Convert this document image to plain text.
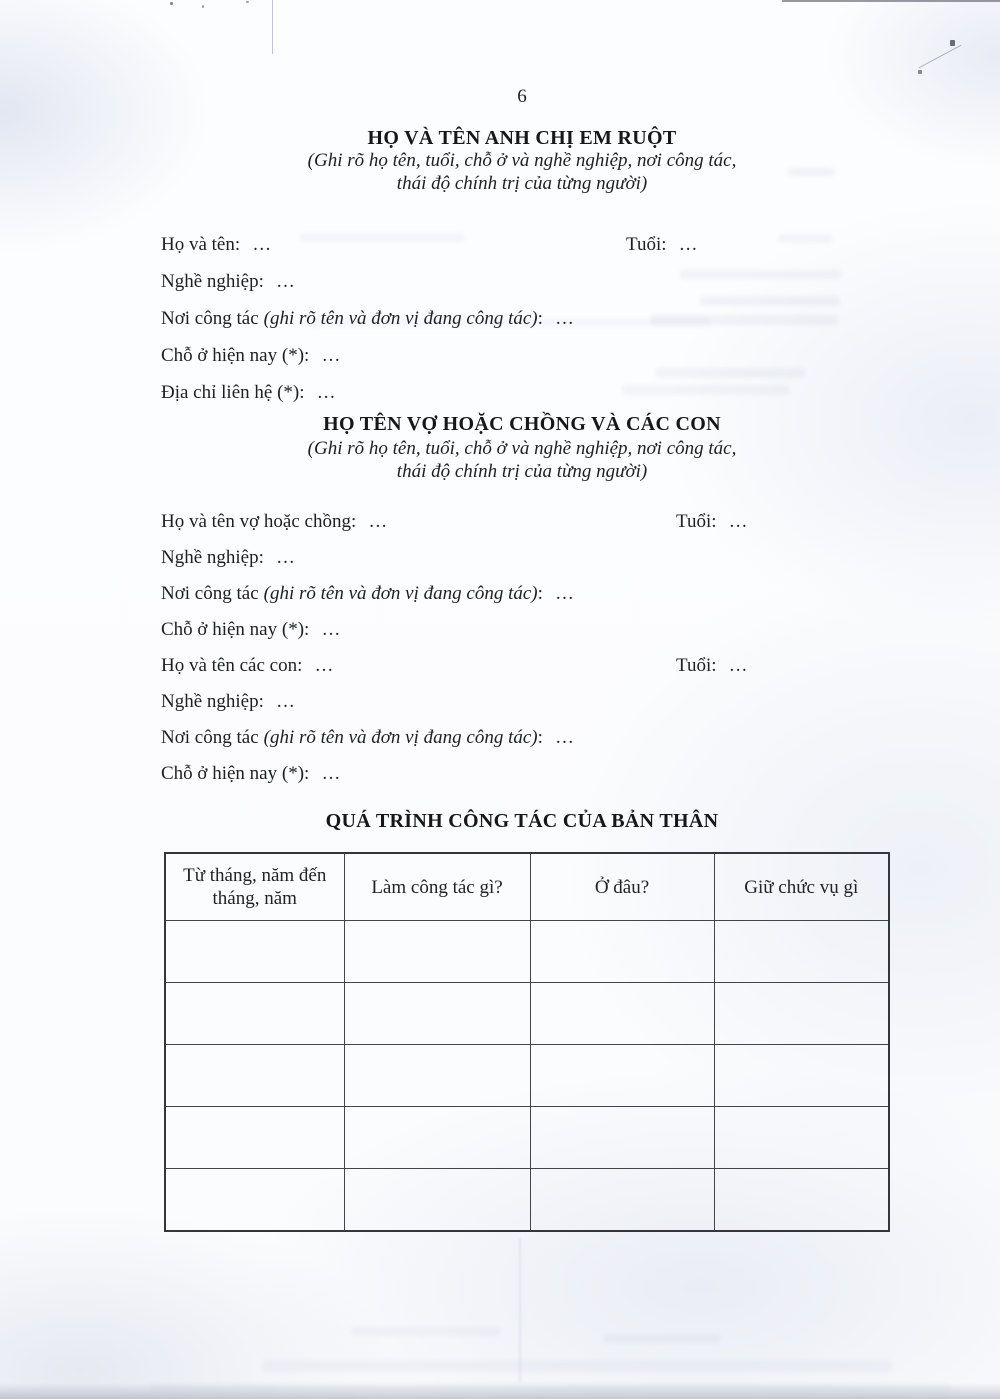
6
HỌ VÀ TÊN ANH CHỊ EM RUỘT
(Ghi rõ họ tên, tuổi, chỗ ở và nghề nghiệp, nơi công tác,
thái độ chính trị của từng người)
Họ và tên: ...	Tuổi: ...
Nghề nghiệp: ...
Nơi công tác (ghi rõ tên và đơn vị đang công tác): ...
Chỗ ở hiện nay (*): ...
Địa chỉ liên hệ (*): ...
HỌ TÊN VỢ HOẶC CHỒNG VÀ CÁC CON
(Ghi rõ họ tên, tuổi, chỗ ở và nghề nghiệp, nơi công tác,
thái độ chính trị của từng người)
Họ và tên vợ hoặc chồng: ...	Tuổi: ...
Nghề nghiệp: ...
Nơi công tác (ghi rõ tên và đơn vị đang công tác): ...
Chỗ ở hiện nay (*): ...
Họ và tên các con: ...	Tuổi: ...
Nghề nghiệp: ...
Nơi công tác (ghi rõ tên và đơn vị đang công tác): ...
Chỗ ở hiện nay (*): ...
QUÁ TRÌNH CÔNG TÁC CỦA BẢN THÂN
Từ tháng, năm đến tháng, năm	Làm công tác gì?	Ở đâu?	Giữ chức vụ gì
